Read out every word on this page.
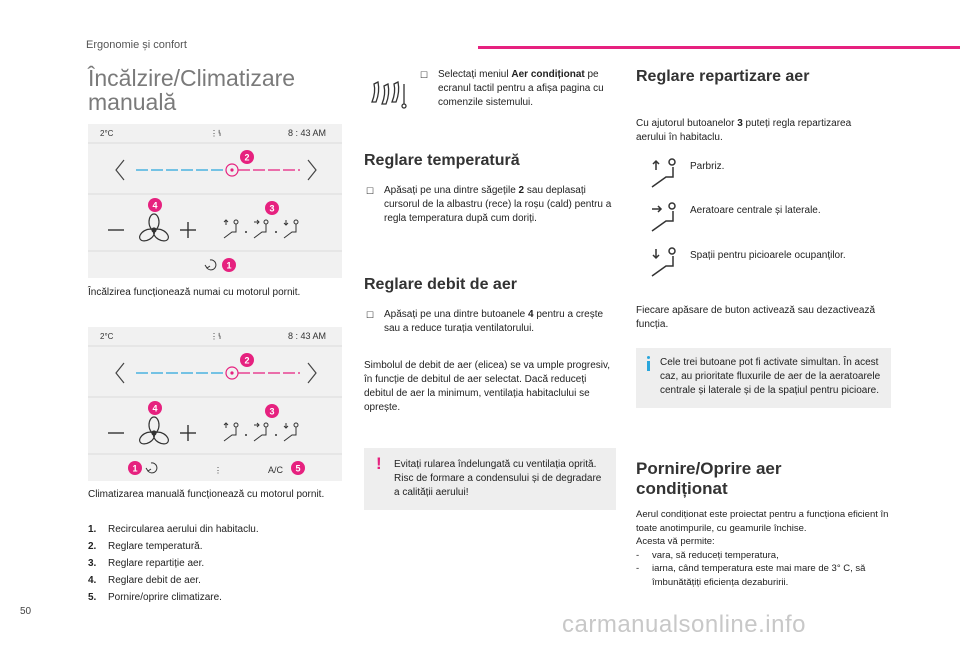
Ergonomie și confort
Încălzire/Climatizare
manuală
2°C	⋮ ꝇ	8 : 43 AM
2
4	3
1

Încălzirea funcționează numai cu motorul pornit.

2°C	⋮ ꝇ	8 : 43 AM
⋮	A/C
2
4	3
1	5

Climatizarea manuală funcționează cu motorul pornit.

1. Recircularea aerului din habitaclu.
2. Reglare temperatură.
3. Reglare repartiție aer.
4. Reglare debit de aer.
5. Pornire/oprire climatizare.
☐ Selectați meniul Aer condiționat pe ecranul tactil pentru a afișa pagina cu comenzile sistemului.
Reglare temperatură
☐ Apăsați pe una dintre săgețile 2 sau deplasați cursorul de la albastru (rece) la roșu (cald) pentru a regla temperatura după cum doriți.
Reglare debit de aer
☐ Apăsați pe una dintre butoanele 4 pentru a crește sau a reduce turația ventilatorului.

Simbolul de debit de aer (elicea) se va umple progresiv, în funcție de debitul de aer selectat. Dacă reduceți debitul de aer la minimum, ventilația habitaclului se oprește.

! Evitați rularea îndelungată cu ventilația oprită. Risc de formare a condensului și de degradare a calității aerului!
Reglare repartizare aer

Cu ajutorul butoanelor 3 puteți regla repartizarea aerului în habitaclu.

Pornire/Oprire aer
condiționat

Aerul condiționat este proiectat pentru a funcționa eficient în toate anotimpurile, cu geamurile închise.

Acesta vă permite:

- vara, să reduceți temperatura,
- iarna, când temperatura este mai mare de 3° C, să îmbunătățiți eficiența dezaburirii.
Parbriz.
Aeratoare centrale și laterale.
Spații pentru picioarele ocupanților.

Fiecare apăsare de buton activează sau dezactivează funcția.

Cele trei butoane pot fi activate simultan. În acest caz, au prioritate fluxurile de aer de la aeratoarele centrale și laterale și de la spațiul pentru picioare.
50	carmanualsonline.info
